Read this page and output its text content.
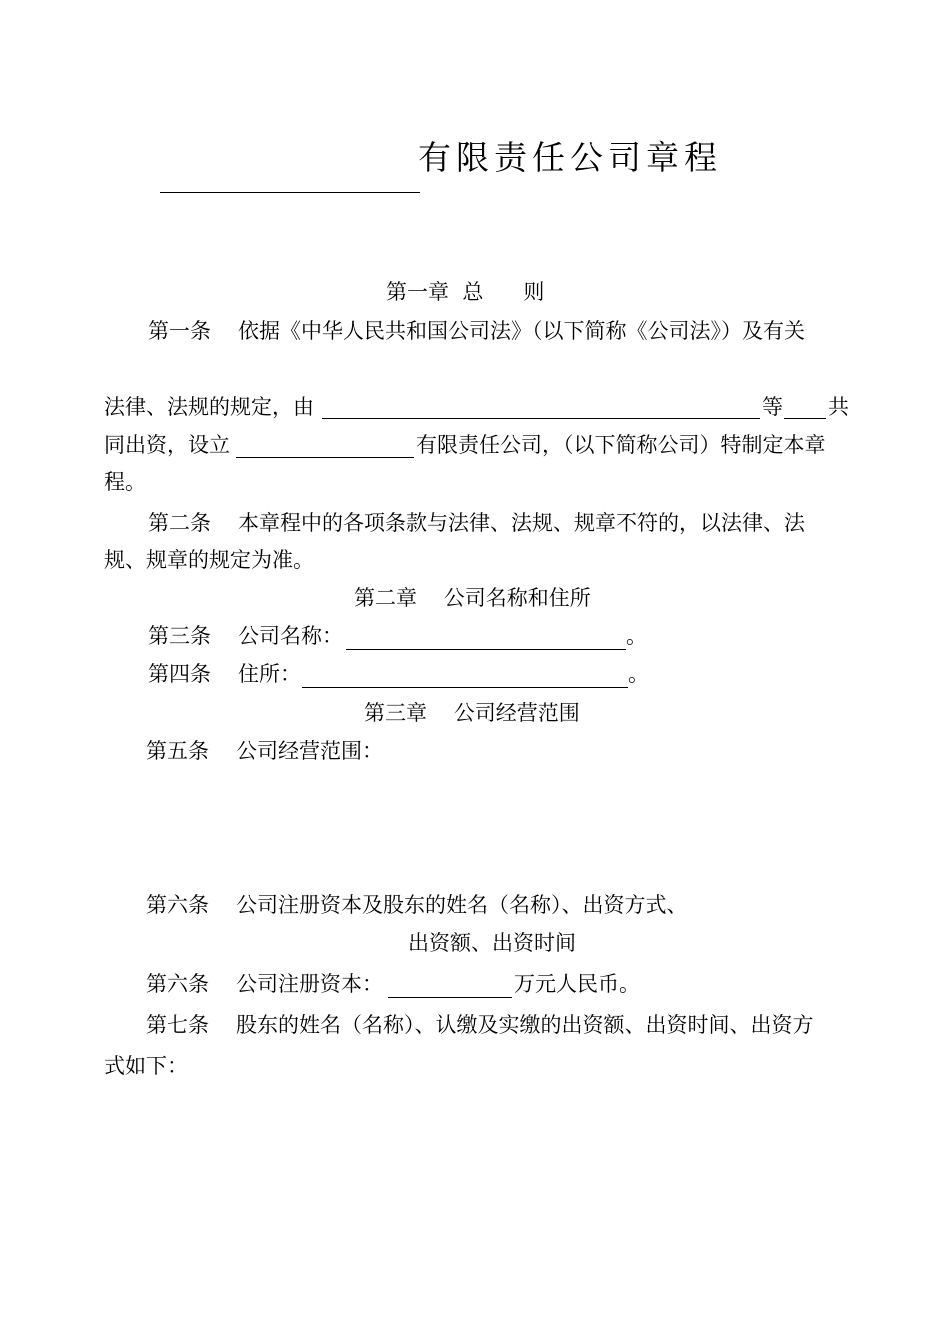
有限责任公司章程
第一章  总      则
第一条 依据《中华人民共和国公司法》（以下简称《公司法》）及有关
法律、法规的规定，由	等 共
同出资，设立	有限责任公司，（以下简称公司）特制定本章
程。
第二条 本章程中的各项条款与法律、法规、规章不符的，以法律、法
规、规章的规定为准。
第二章    公司名称和住所
第三条 公司名称：	。
第四条 住所：	。
第三章    公司经营范围
第五条 公司经营范围：
第六条 公司注册资本及股东的姓名（名称）、出资方式、
出资额、出资时间
第六条 公司注册资本：	万元人民币。
第七条 股东的姓名（名称）、认缴及实缴的出资额、出资时间、出资方
式如下：
